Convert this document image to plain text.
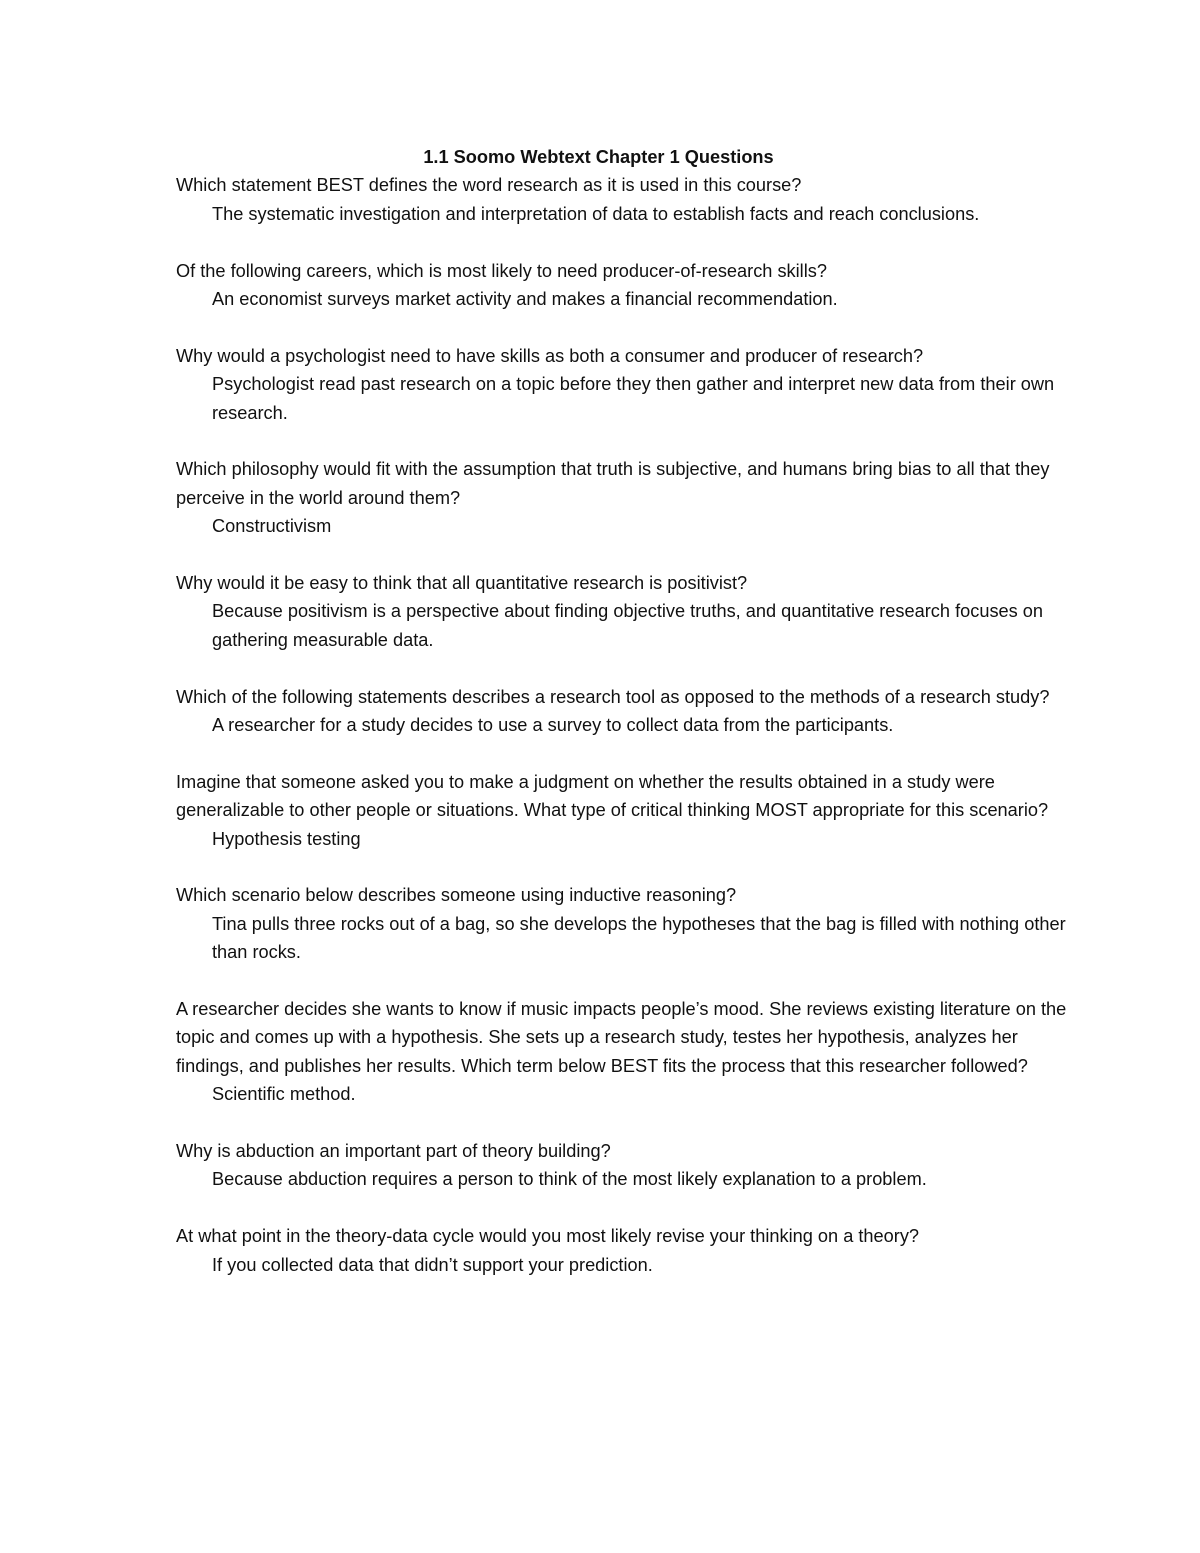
1.1 Soomo Webtext Chapter 1 Questions

Which statement BEST defines the word research as it is used in this course?

The systematic investigation and interpretation of data to establish facts and reach conclusions.

Of the following careers, which is most likely to need producer-of-research skills?

An economist surveys market activity and makes a financial recommendation.

Why would a psychologist need to have skills as both a consumer and producer of research?

Psychologist read past research on a topic before they then gather and interpret new data from their own research.

Which philosophy would fit with the assumption that truth is subjective, and humans bring bias to all that they perceive in the world around them?

Constructivism

Why would it be easy to think that all quantitative research is positivist?

Because positivism is a perspective about finding objective truths, and quantitative research focuses on gathering measurable data.

Which of the following statements describes a research tool as opposed to the methods of a research study?

A researcher for a study decides to use a survey to collect data from the participants.

Imagine that someone asked you to make a judgment on whether the results obtained in a study were generalizable to other people or situations. What type of critical thinking MOST appropriate for this scenario?

Hypothesis testing

Which scenario below describes someone using inductive reasoning?

Tina pulls three rocks out of a bag, so she develops the hypotheses that the bag is filled with nothing other than rocks.

A researcher decides she wants to know if music impacts people’s mood. She reviews existing literature on the topic and comes up with a hypothesis. She sets up a research study, testes her hypothesis, analyzes her findings, and publishes her results. Which term below BEST fits the process that this researcher followed?

Scientific method.

Why is abduction an important part of theory building?

Because abduction requires a person to think of the most likely explanation to a problem.

At what point in the theory-data cycle would you most likely revise your thinking on a theory?

If you collected data that didn’t support your prediction.
